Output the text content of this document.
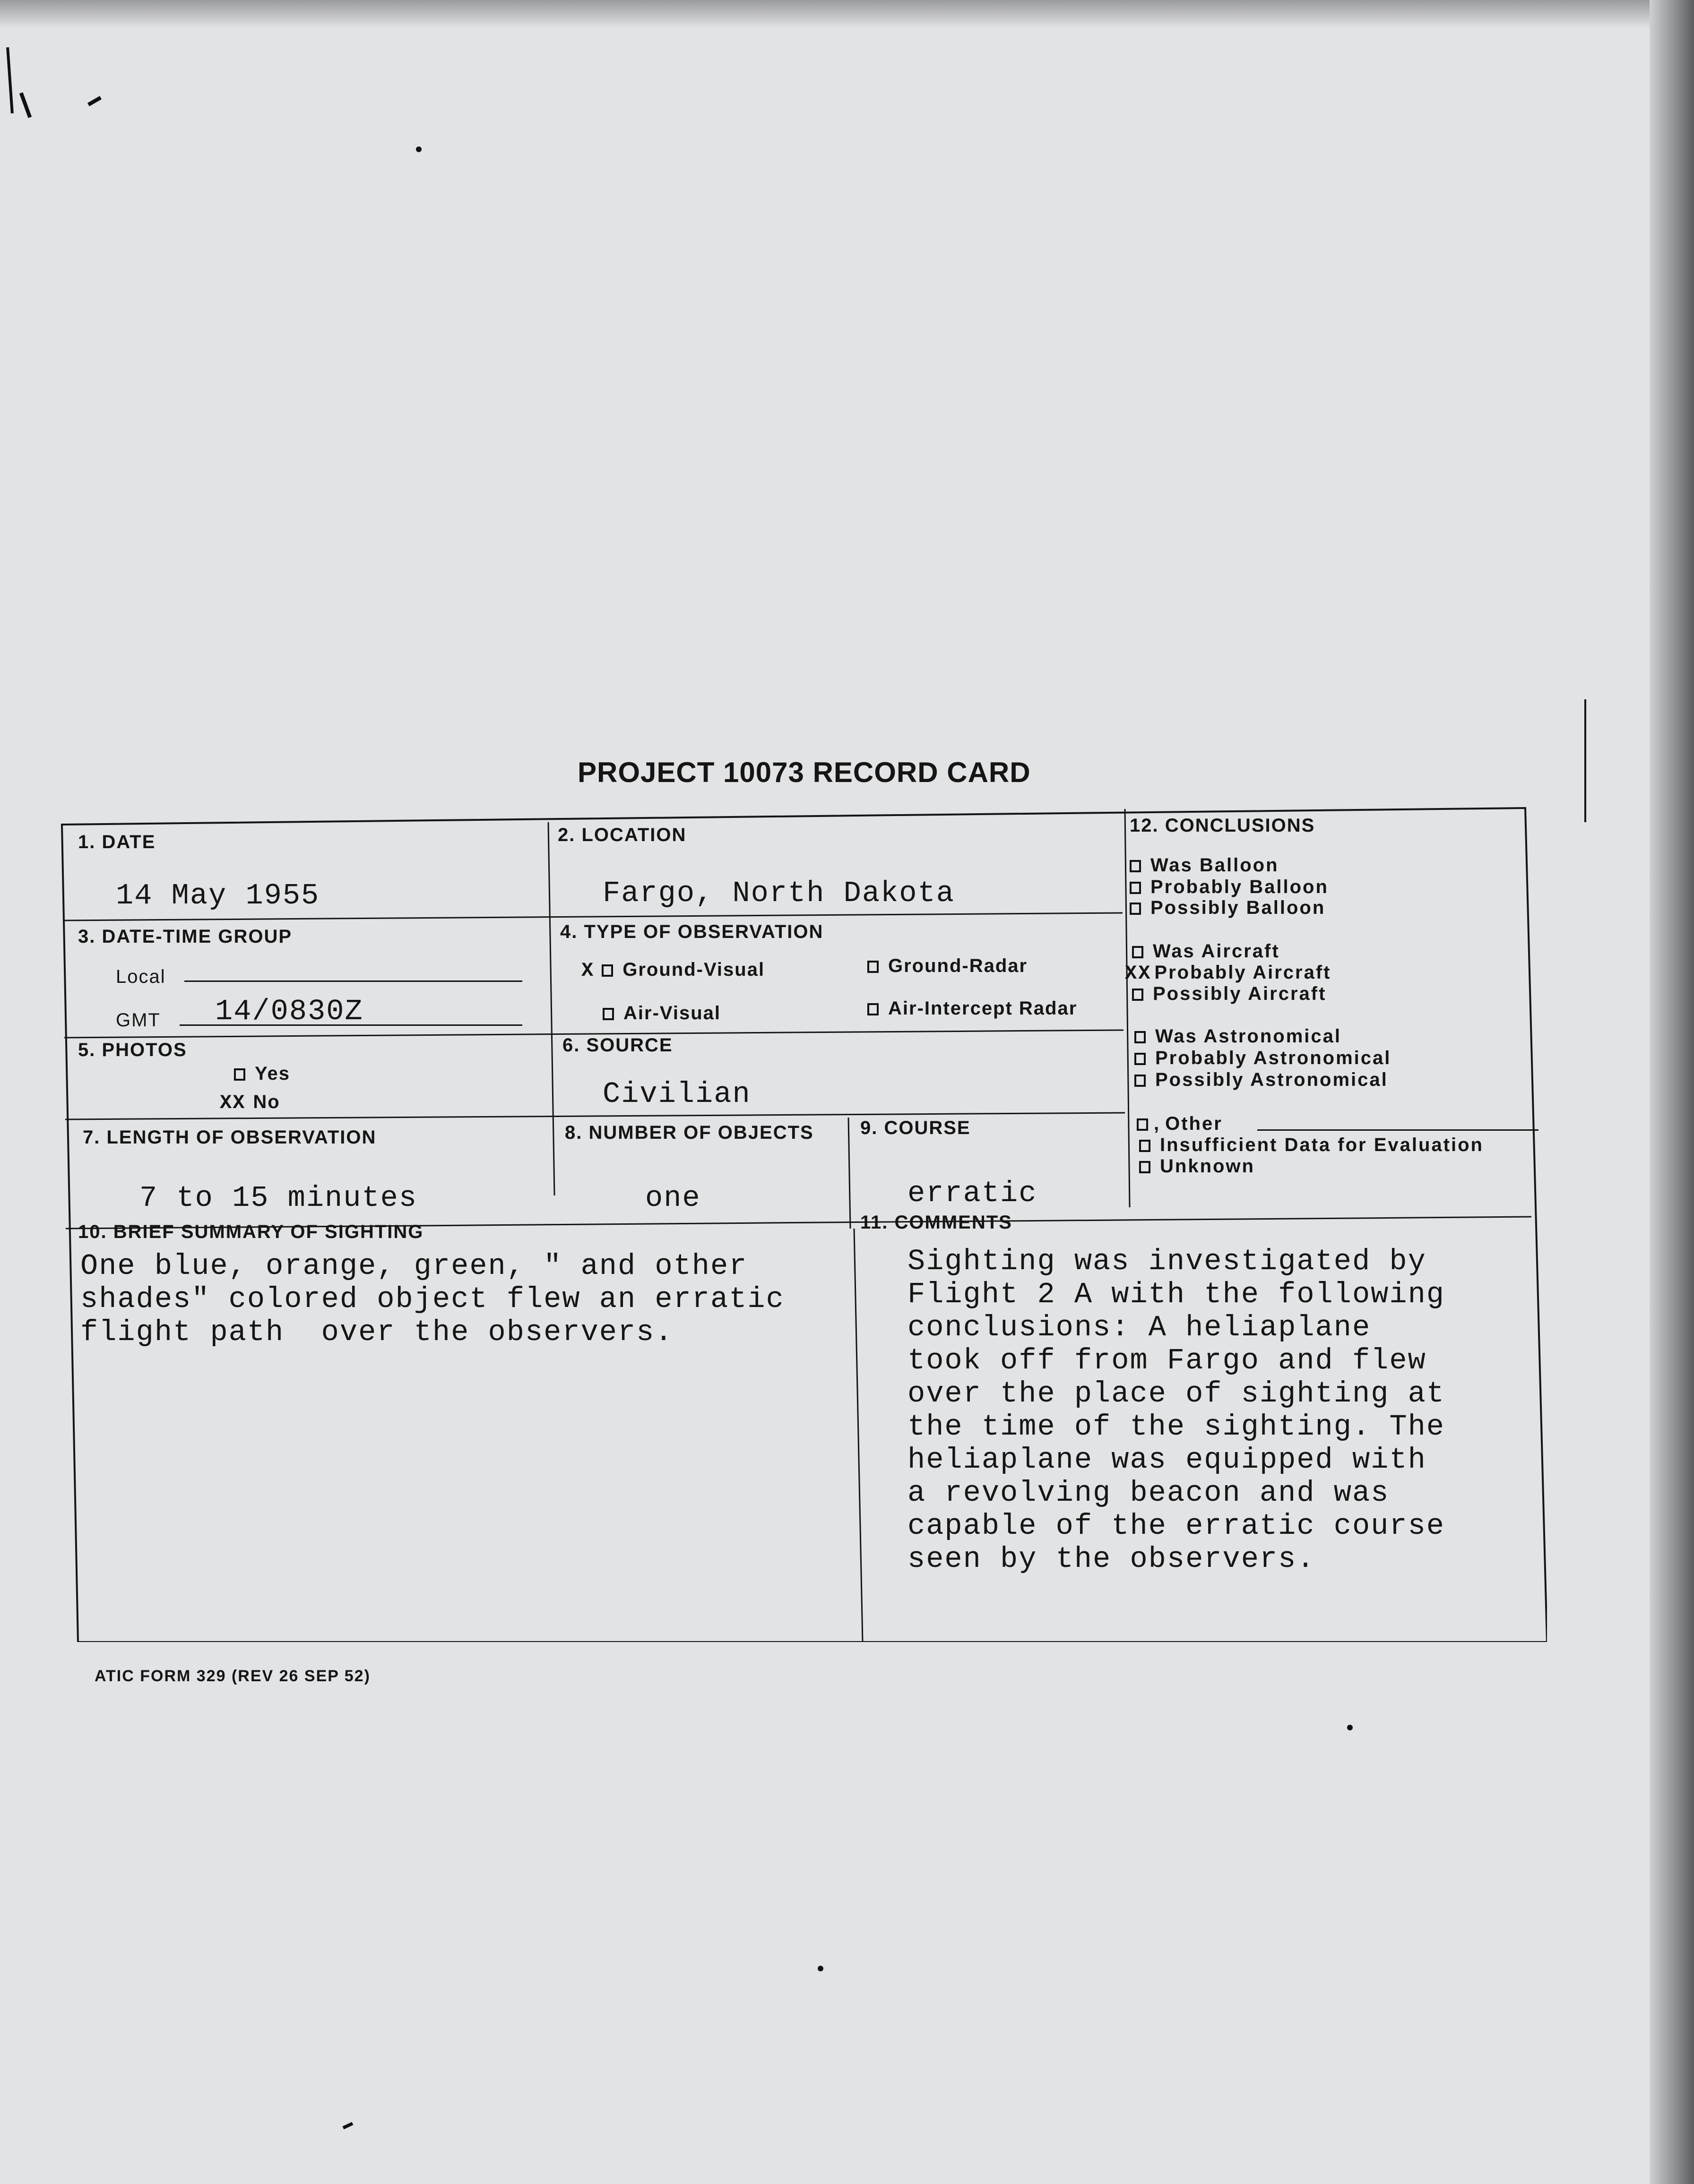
PROJECT 10073 RECORD CARD
1. DATE
14 May 1955
2. LOCATION
Fargo, North Dakota
3. DATE-TIME GROUP
Local
GMT 14/0830Z
4. TYPE OF OBSERVATION
X Ground-Visual	Ground-Radar
Air-Visual	Air-Intercept Radar
5. PHOTOS
Yes
XX No
6. SOURCE
Civilian
7. LENGTH OF OBSERVATION
7 to 15 minutes
8. NUMBER OF OBJECTS
one
9. COURSE
erratic
10. BRIEF SUMMARY OF SIGHTING
One blue, orange, green, " and other
shades" colored object flew an erratic
flight path  over the observers.
11. COMMENTS
Sighting was investigated by
Flight 2 A with the following
conclusions: A heliaplane
took off from Fargo and flew
over the place of sighting at
the time of the sighting. The
heliaplane was equipped with
a revolving beacon and was
capable of the erratic course
seen by the observers.
12. CONCLUSIONS
Was Balloon
Probably Balloon
Possibly Balloon
Was Aircraft
XX Probably Aircraft
Possibly Aircraft
Was Astronomical
Probably Astronomical
Possibly Astronomical
, Other
Insufficient Data for Evaluation
Unknown
ATIC FORM 329 (REV 26 SEP 52)
